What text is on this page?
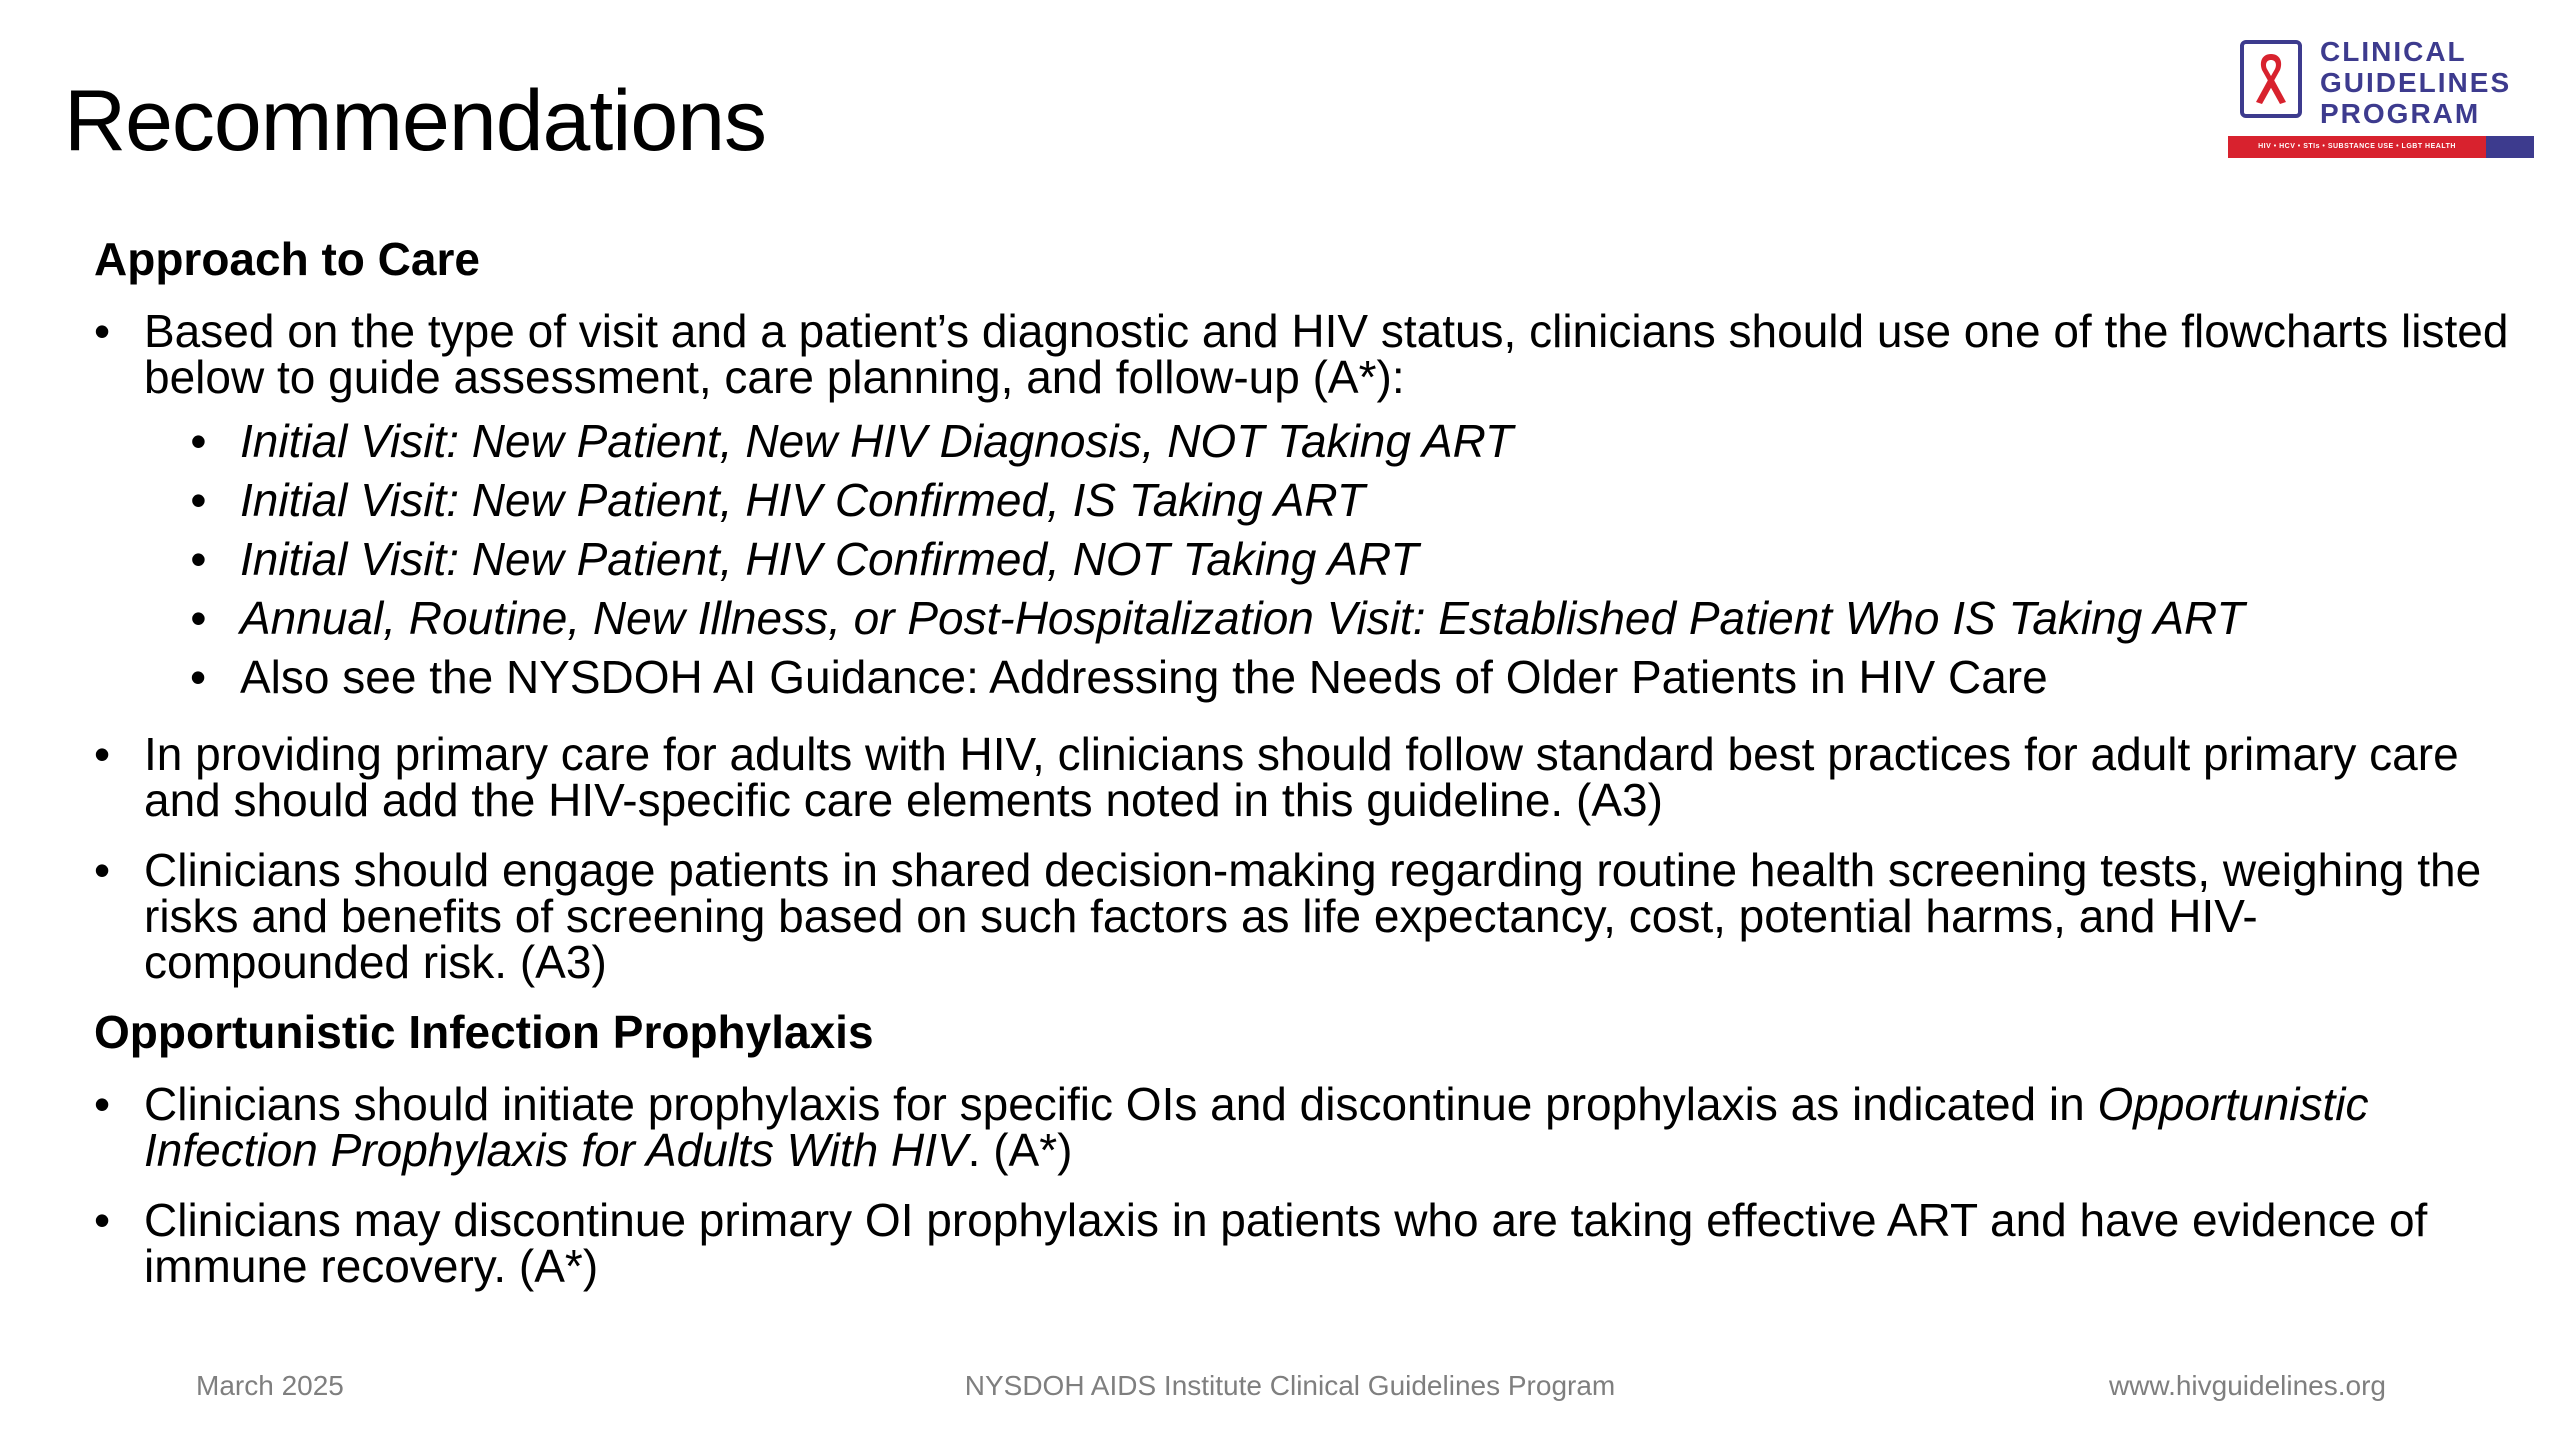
Recommendations
CLINICAL
GUIDELINES
PROGRAM
HIV • HCV • STIs • SUBSTANCE USE • LGBT HEALTH
Approach to Care
• Based on the type of visit and a patient’s diagnostic and HIV status, clinicians should use one of the flowcharts listed below to guide assessment, care planning, and follow-up (A*):
• Initial Visit: New Patient, New HIV Diagnosis, NOT Taking ART
• Initial Visit: New Patient, HIV Confirmed, IS Taking ART
• Initial Visit: New Patient, HIV Confirmed, NOT Taking ART
• Annual, Routine, New Illness, or Post-Hospitalization Visit: Established Patient Who IS Taking ART
• Also see the NYSDOH AI Guidance: Addressing the Needs of Older Patients in HIV Care
• In providing primary care for adults with HIV, clinicians should follow standard best practices for adult primary care and should add the HIV-specific care elements noted in this guideline. (A3)
• Clinicians should engage patients in shared decision-making regarding routine health screening tests, weighing the risks and benefits of screening based on such factors as life expectancy, cost, potential harms, and HIV-compounded risk. (A3)
Opportunistic Infection Prophylaxis
• Clinicians should initiate prophylaxis for specific OIs and discontinue prophylaxis as indicated in Opportunistic Infection Prophylaxis for Adults With HIV. (A*)
• Clinicians may discontinue primary OI prophylaxis in patients who are taking effective ART and have evidence of immune recovery. (A*)
March 2025	NYSDOH AIDS Institute Clinical Guidelines Program	www.hivguidelines.org
